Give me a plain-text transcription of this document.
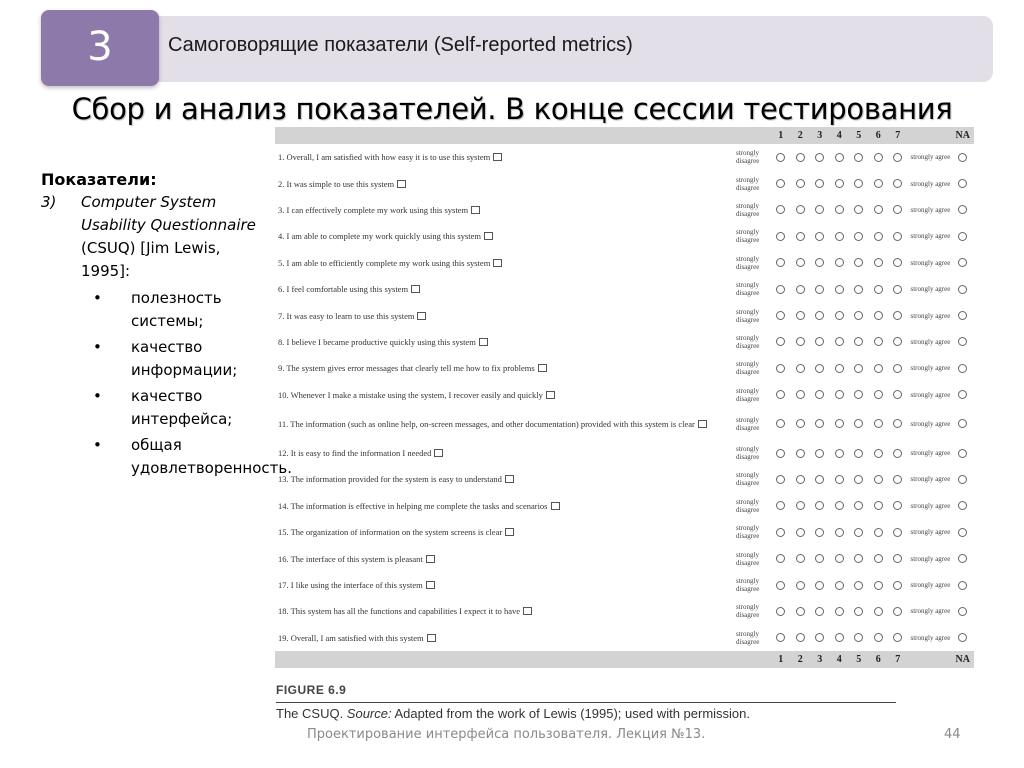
3	Самоговорящие показатели (Self-reported metrics)
Сбор и анализ показателей. В конце сессии тестирования
Показатели:
3) Computer System Usability Questionnaire (CSUQ) [Jim Lewis, 1995]:
• полезность системы;
• качество информации;
• качество интерфейса;
• общая удовлетворенность.
1	2	3	4	5	6	7	NA
1. Overall, I am satisfied with how easy it is to use this system	strongly disagree	strongly agree
2. It was simple to use this system	strongly disagree	strongly agree
3. I can effectively complete my work using this system	strongly disagree	strongly agree
4. I am able to complete my work quickly using this system	strongly disagree	strongly agree
5. I am able to efficiently complete my work using this system	strongly disagree	strongly agree
6. I feel comfortable using this system	strongly disagree	strongly agree
7. It was easy to learn to use this system	strongly disagree	strongly agree
8. I believe I became productive quickly using this system	strongly disagree	strongly agree
9. The system gives error messages that clearly tell me how to fix problems	strongly disagree	strongly agree
10. Whenever I make a mistake using the system, I recover easily and quickly	strongly disagree	strongly agree
11. The information (such as online help, on-screen messages, and other documentation) provided with this system is clear	strongly disagree	strongly agree
12. It is easy to find the information I needed	strongly disagree	strongly agree
13. The information provided for the system is easy to understand	strongly disagree	strongly agree
14. The information is effective in helping me complete the tasks and scenarios	strongly disagree	strongly agree
15. The organization of information on the system screens is clear	strongly disagree	strongly agree
16. The interface of this system is pleasant	strongly disagree	strongly agree
17. I like using the interface of this system	strongly disagree	strongly agree
18. This system has all the functions and capabilities I expect it to have	strongly disagree	strongly agree
19. Overall, I am satisfied with this system	strongly disagree	strongly agree
1	2	3	4	5	6	7	NA
FIGURE 6.9
The CSUQ. Source: Adapted from the work of Lewis (1995); used with permission.
Проектирование интерфейса пользователя. Лекция №13.	44
